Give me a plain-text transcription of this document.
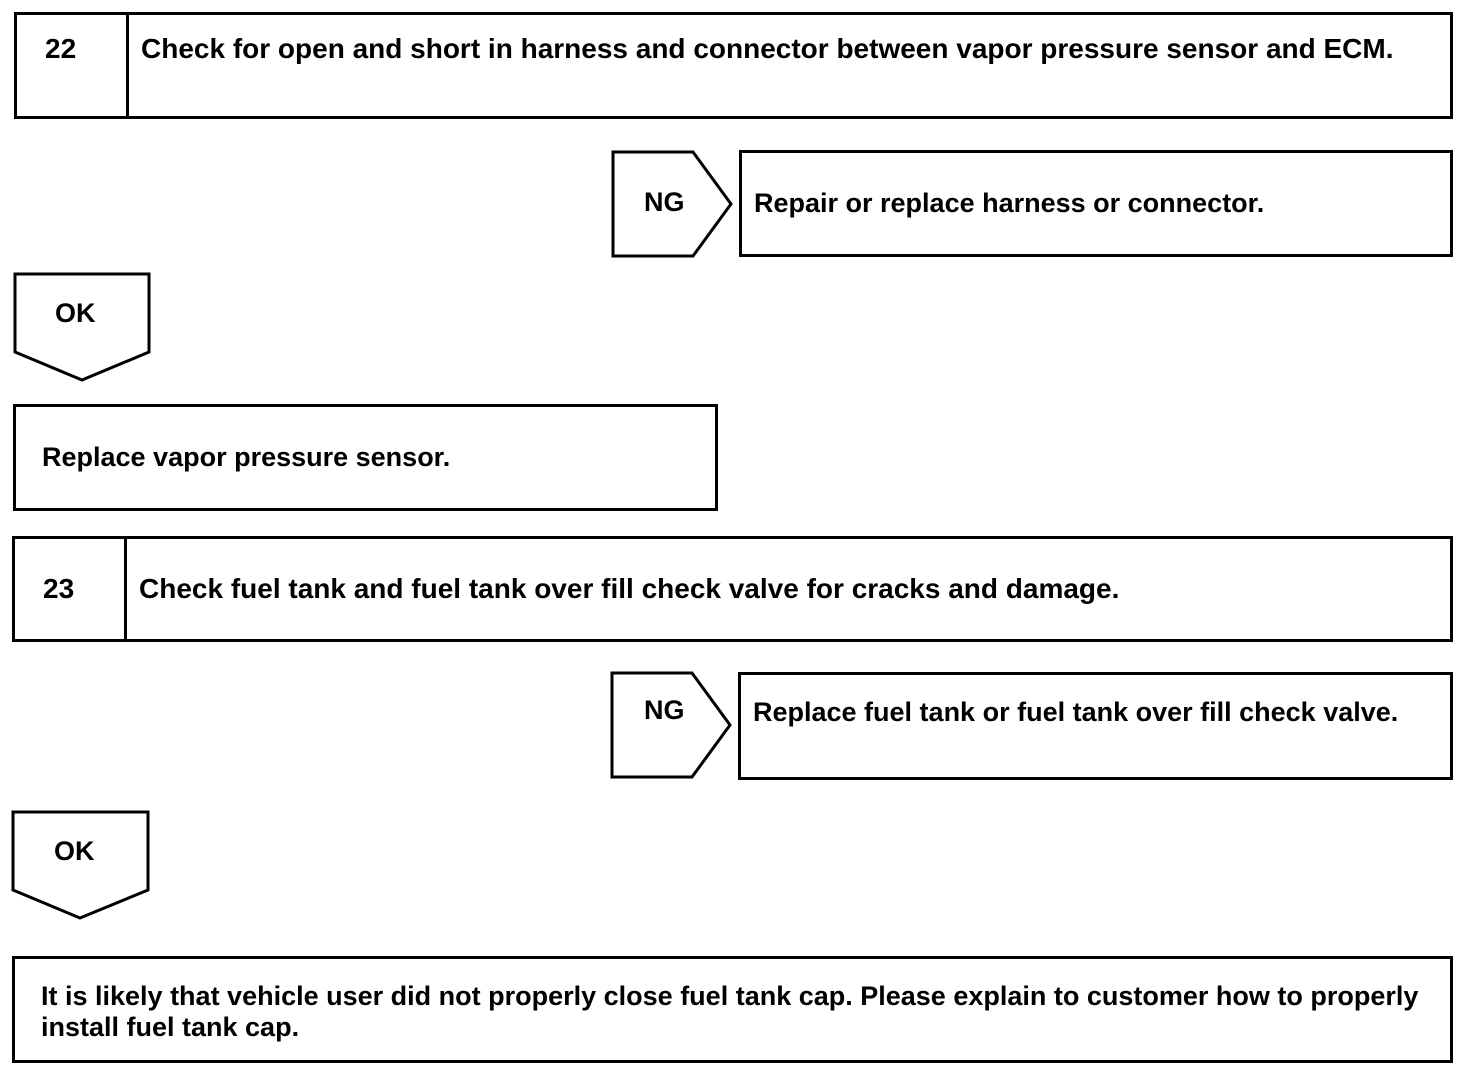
22	Check for open and short in harness and connector between vapor pressure sensor and ECM.
NG	Repair or replace harness or connector.
OK
Replace vapor pressure sensor.
23	Check fuel tank and fuel tank over fill check valve for cracks and damage.
NG	Replace fuel tank or fuel tank over fill check valve.
OK
It is likely that vehicle user did not properly close fuel tank cap. Please explain to customer how to properly install fuel tank cap.
